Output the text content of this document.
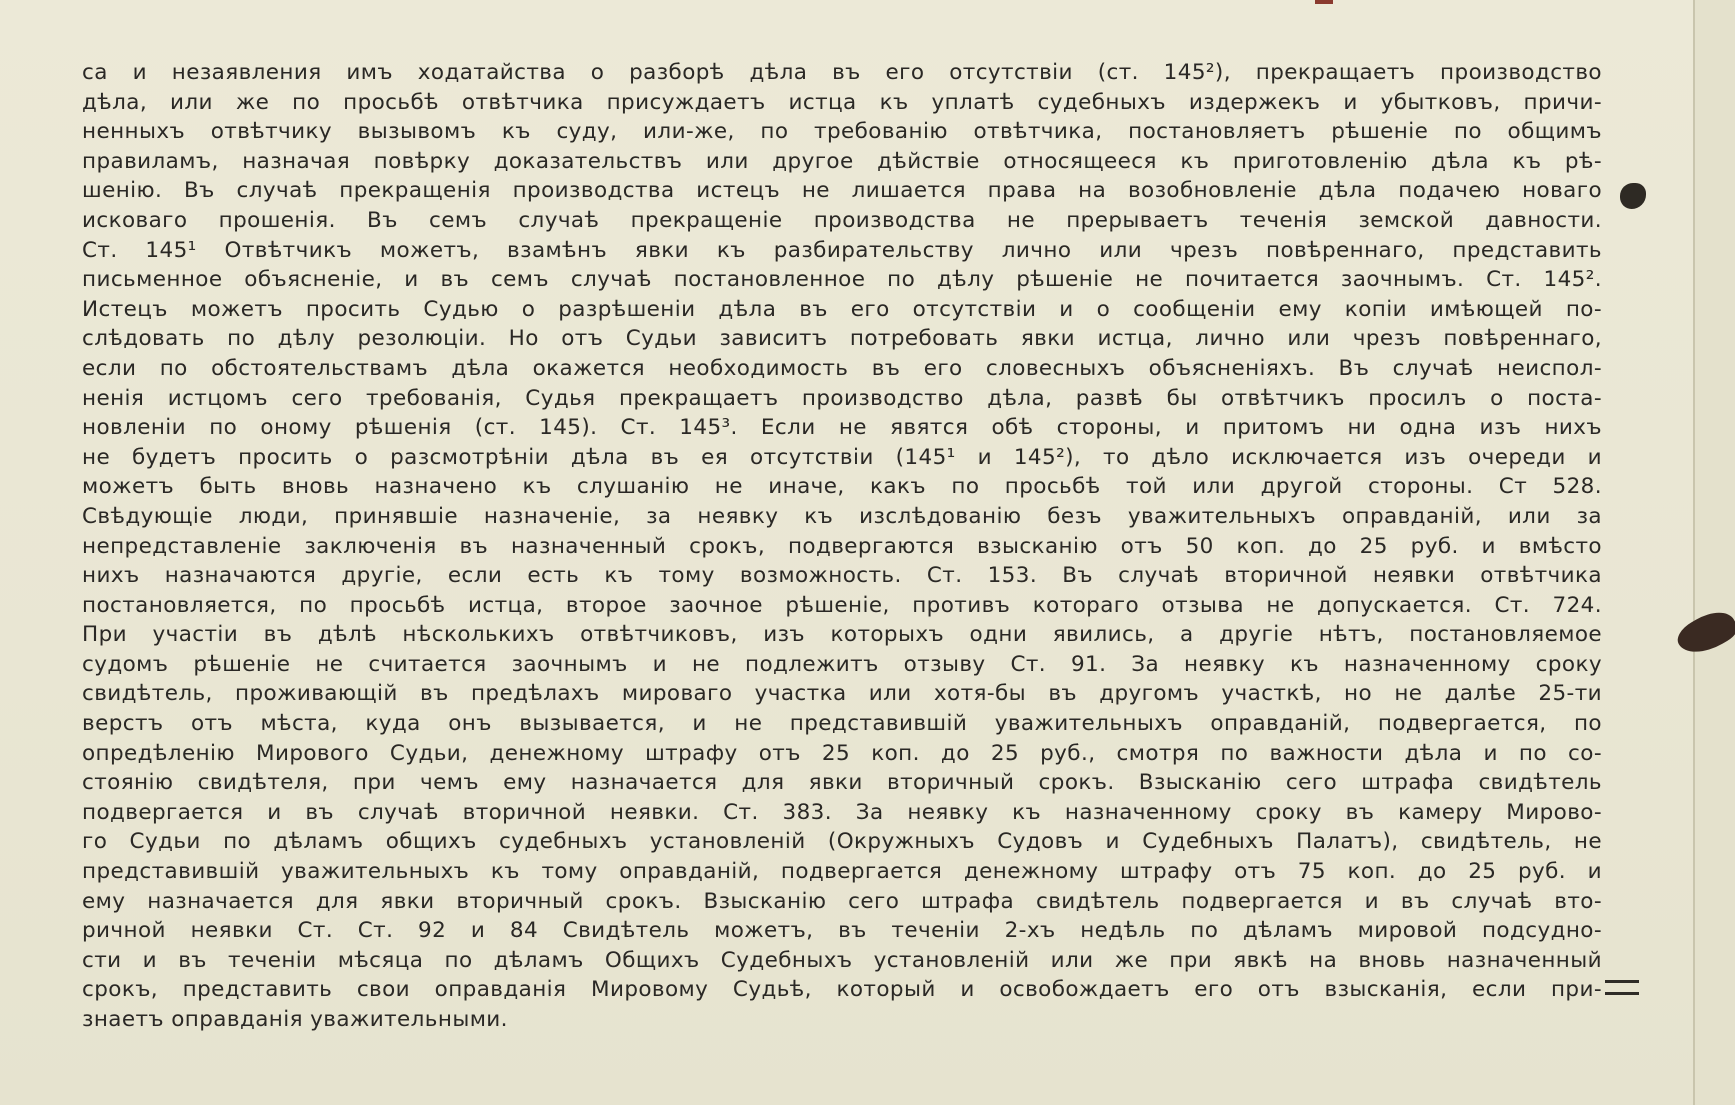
са и незаявления имъ ходатайства о разборѣ дѣла въ его отсутствіи (ст. 145²), прекращаетъ производство
дѣла, или же по просьбѣ отвѣтчика присуждаетъ истца къ уплатѣ судебныхъ издержекъ и убытковъ, причи-
ненныхъ отвѣтчику вызывомъ къ суду, или-же, по требованію отвѣтчика, постановляетъ рѣшеніе по общимъ
правиламъ, назначая повѣрку доказательствъ или другое дѣйствіе относящееся къ приготовленію дѣла къ рѣ-
шенію. Въ случаѣ прекращенія производства истецъ не лишается права на возобновленіе дѣла подачею новаго
исковаго прошенія. Въ семъ случаѣ прекращеніе производства не прерываетъ теченія земской давности.
Ст. 145¹ Отвѣтчикъ можетъ, взамѣнъ явки къ разбирательству лично или чрезъ повѣреннаго, представить
письменное объясненіе, и въ семъ случаѣ постановленное по дѣлу рѣшеніе не почитается заочнымъ. Ст. 145².
Истецъ можетъ просить Судью о разрѣшеніи дѣла въ его отсутствіи и о сообщеніи ему копіи имѣющей по-
слѣдовать по дѣлу резолюціи. Но отъ Судьи зависитъ потребовать явки истца, лично или чрезъ повѣреннаго,
если по обстоятельствамъ дѣла окажется необходимость въ его словесныхъ объясненіяхъ. Въ случаѣ неиспол-
ненія истцомъ сего требованія, Судья прекращаетъ производство дѣла, развѣ бы отвѣтчикъ просилъ о поста-
новленіи по оному рѣшенія (ст. 145). Ст. 145³. Если не явятся обѣ стороны, и притомъ ни одна изъ нихъ
не будетъ просить о разсмотрѣніи дѣла въ ея отсутствіи (145¹ и 145²), то дѣло исключается изъ очереди и
можетъ быть вновь назначено къ слушанію не иначе, какъ по просьбѣ той или другой стороны. Ст 528.
Свѣдующіе люди, принявшіе назначеніе, за неявку къ изслѣдованію безъ уважительныхъ оправданій, или за
непредставленіе заключенія въ назначенный срокъ, подвергаются взысканію отъ 50 коп. до 25 руб. и вмѣсто
нихъ назначаются другіе, если есть къ тому возможность. Ст. 153. Въ случаѣ вторичной неявки отвѣтчика
постановляется, по просьбѣ истца, второе заочное рѣшеніе, противъ котораго отзыва не допускается. Ст. 724.
При участіи въ дѣлѣ нѣсколькихъ отвѣтчиковъ, изъ которыхъ одни явились, а другіе нѣтъ, постановляемое
судомъ рѣшеніе не считается заочнымъ и не подлежитъ отзыву Ст. 91. За неявку къ назначенному сроку
свидѣтель, проживающій въ предѣлахъ мироваго участка или хотя-бы въ другомъ участкѣ, но не далѣе 25-ти
верстъ отъ мѣста, куда онъ вызывается, и не представившій уважительныхъ оправданій, подвергается, по
опредѣленію Мирового Судьи, денежному штрафу отъ 25 коп. до 25 руб., смотря по важности дѣла и по со-
стоянію свидѣтеля, при чемъ ему назначается для явки вторичный срокъ. Взысканію сего штрафа свидѣтель
подвергается и въ случаѣ вторичной неявки. Ст. 383. За неявку къ назначенному сроку въ камеру Мирово-
го Судьи по дѣламъ общихъ судебныхъ установленій (Окружныхъ Судовъ и Судебныхъ Палатъ), свидѣтель, не
представившій уважительныхъ къ тому оправданій, подвергается денежному штрафу отъ 75 коп. до 25 руб. и
ему назначается для явки вторичный срокъ. Взысканію сего штрафа свидѣтель подвергается и въ случаѣ вто-
ричной неявки Ст. Ст. 92 и 84 Свидѣтель можетъ, въ теченіи 2-хъ недѣль по дѣламъ мировой подсудно-
сти и въ теченіи мѣсяца по дѣламъ Общихъ Судебныхъ установленій или же при явкѣ на вновь назначенный
срокъ, представить свои оправданія Мировому Судьѣ, который и освобождаетъ его отъ взысканія, если при-
знаетъ оправданія уважительными.
